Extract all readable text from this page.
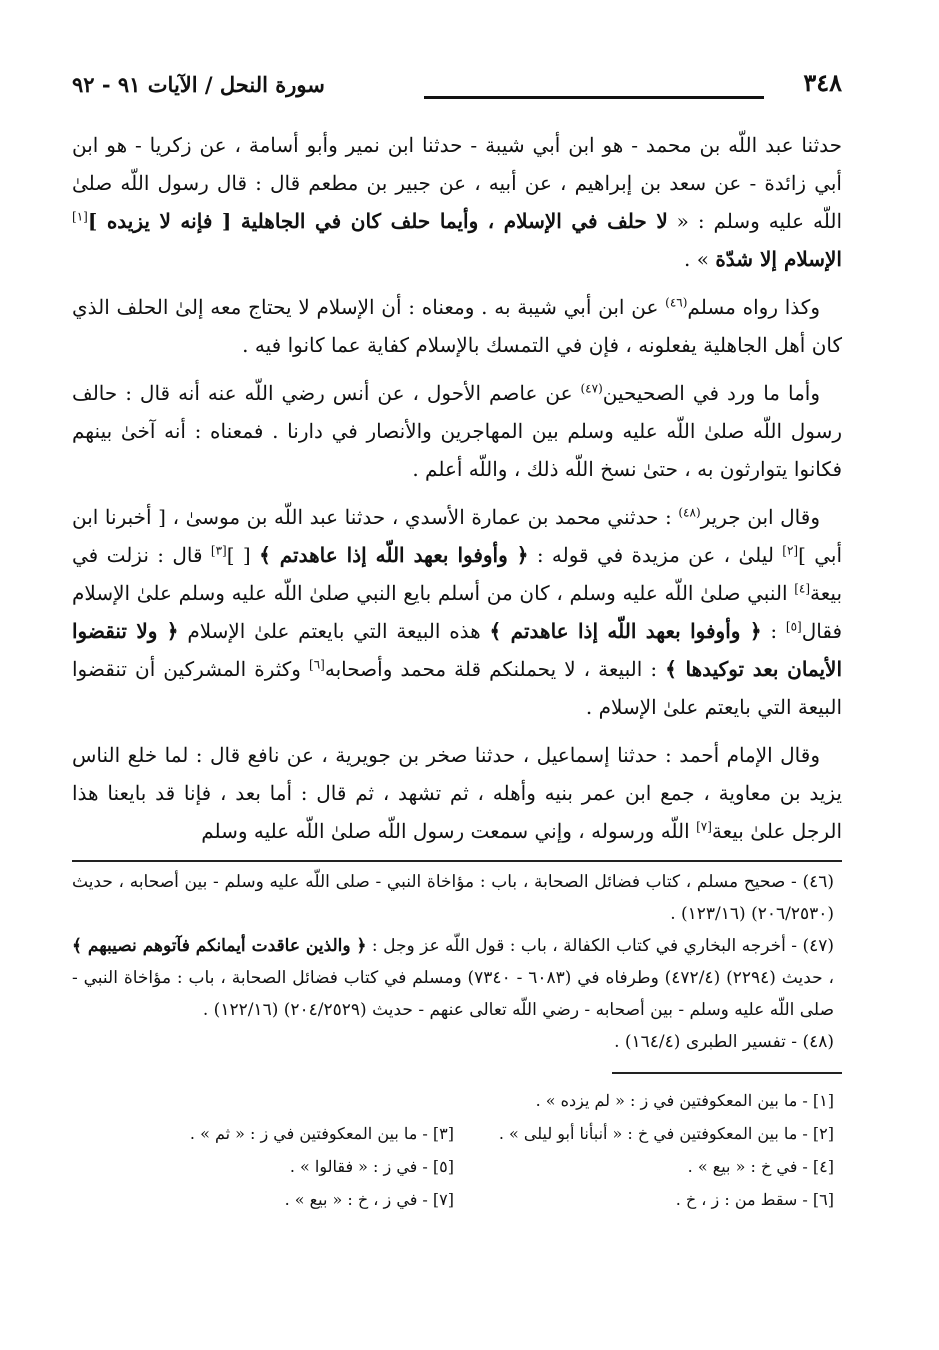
٣٤٨
سورة النحل / الآيات ٩١ - ٩٢

حدثنا عبد اللّه بن محمد - هو ابن أبي شيبة - حدثنا ابن نمير وأبو أسامة ، عن زكريا - هو ابن أبي زائدة - عن سعد بن إبراهيم ، عن أبيه ، عن جبير بن مطعم قال : قال رسول اللّه صلىٰ اللّه عليه وسلم : « لا حلف في الإسلام ، وأيما حلف كان في الجاهلية [ فإنه لا يزيده ][١] الإسلام إلا شدّة » .

وكذا رواه مسلم$^{(٤٦)}$ عن ابن أبي شيبة به . ومعناه : أن الإسلام لا يحتاج معه إلىٰ الحلف الذي كان أهل الجاهلية يفعلونه ، فإن في التمسك بالإسلام كفاية عما كانوا فيه .

وأما ما ورد في الصحيحين$^{(٤٧)}$ عن عاصم الأحول ، عن أنس رضي اللّه عنه أنه قال : حالف رسول اللّه صلىٰ اللّه عليه وسلم بين المهاجرين والأنصار في دارنا . فمعناه : أنه آخىٰ بينهم فكانوا يتوارثون به ، حتىٰ نسخ اللّه ذلك ، واللّه أعلم .

وقال ابن جرير$^{(٤٨)}$ : حدثني محمد بن عمارة الأسدي ، حدثنا عبد اللّه بن موسىٰ ، [ أخبرنا ابن أبي ][٢] ليلىٰ ، عن مزيدة في قوله : ﴿ وأوفوا بعهد اللّه إذا عاهدتم ﴾ [ ][٣] قال : نزلت في بيعة[٤] النبي صلىٰ اللّه عليه وسلم ، كان من أسلم بايع النبي صلىٰ اللّه عليه وسلم علىٰ الإسلام فقال[٥] : ﴿ وأوفوا بعهد اللّه إذا عاهدتم ﴾ هذه البيعة التي بايعتم علىٰ الإسلام ﴿ ولا تنقضوا الأيمان بعد توكيدها ﴾ : البيعة ، لا يحملنكم قلة محمد وأصحابه[٦] وكثرة المشركين أن تنقضوا البيعة التي بايعتم علىٰ الإسلام .

وقال الإمام أحمد : حدثنا إسماعيل ، حدثنا صخر بن جويرية ، عن نافع قال : لما خلع الناس يزيد بن معاوية ، جمع ابن عمر بنيه وأهله ، ثم تشهد ، ثم قال : أما بعد ، فإنا قد بايعنا هذا الرجل علىٰ بيعة[٧] اللّه ورسوله ، وإني سمعت رسول اللّه صلىٰ اللّه عليه وسلم

(٤٦) - صحيح مسلم ، كتاب فضائل الصحابة ، باب : مؤاخاة النبي - صلى اللّه عليه وسلم - بين أصحابه ، حديث (٢٠٦/٢٥٣٠) (١٢٣/١٦) .

(٤٧) - أخرجه البخاري في كتاب الكفالة ، باب : قول اللّه عز وجل : ﴿ والذين عاقدت أيمانكم فآتوهم نصيبهم ﴾ ، حديث (٢٢٩٤) (٤٧٢/٤) وطرفاه في (٦٠٨٣ - ٧٣٤٠) ومسلم في كتاب فضائل الصحابة ، باب : مؤاخاة النبي - صلى اللّه عليه وسلم - بين أصحابه - رضي اللّه تعالى عنهم - حديث (٢٠٤/٢٥٢٩) (١٢٢/١٦) .

(٤٨) - تفسير الطبرى (١٦٤/٤) .

[١] - ما بين المعكوفتين في ز : « لم يزده » .
[٢] - ما بين المعكوفتين في خ : « أنبأنا أبو ليلى » .
[٣] - ما بين المعكوفتين في ز : « ثم » .
[٤] - في خ : « بيع » .
[٥] - في ز : « فقالوا » .
[٦] - سقط من : ز ، خ .
[٧] - في ز ، خ : « بيع » .
